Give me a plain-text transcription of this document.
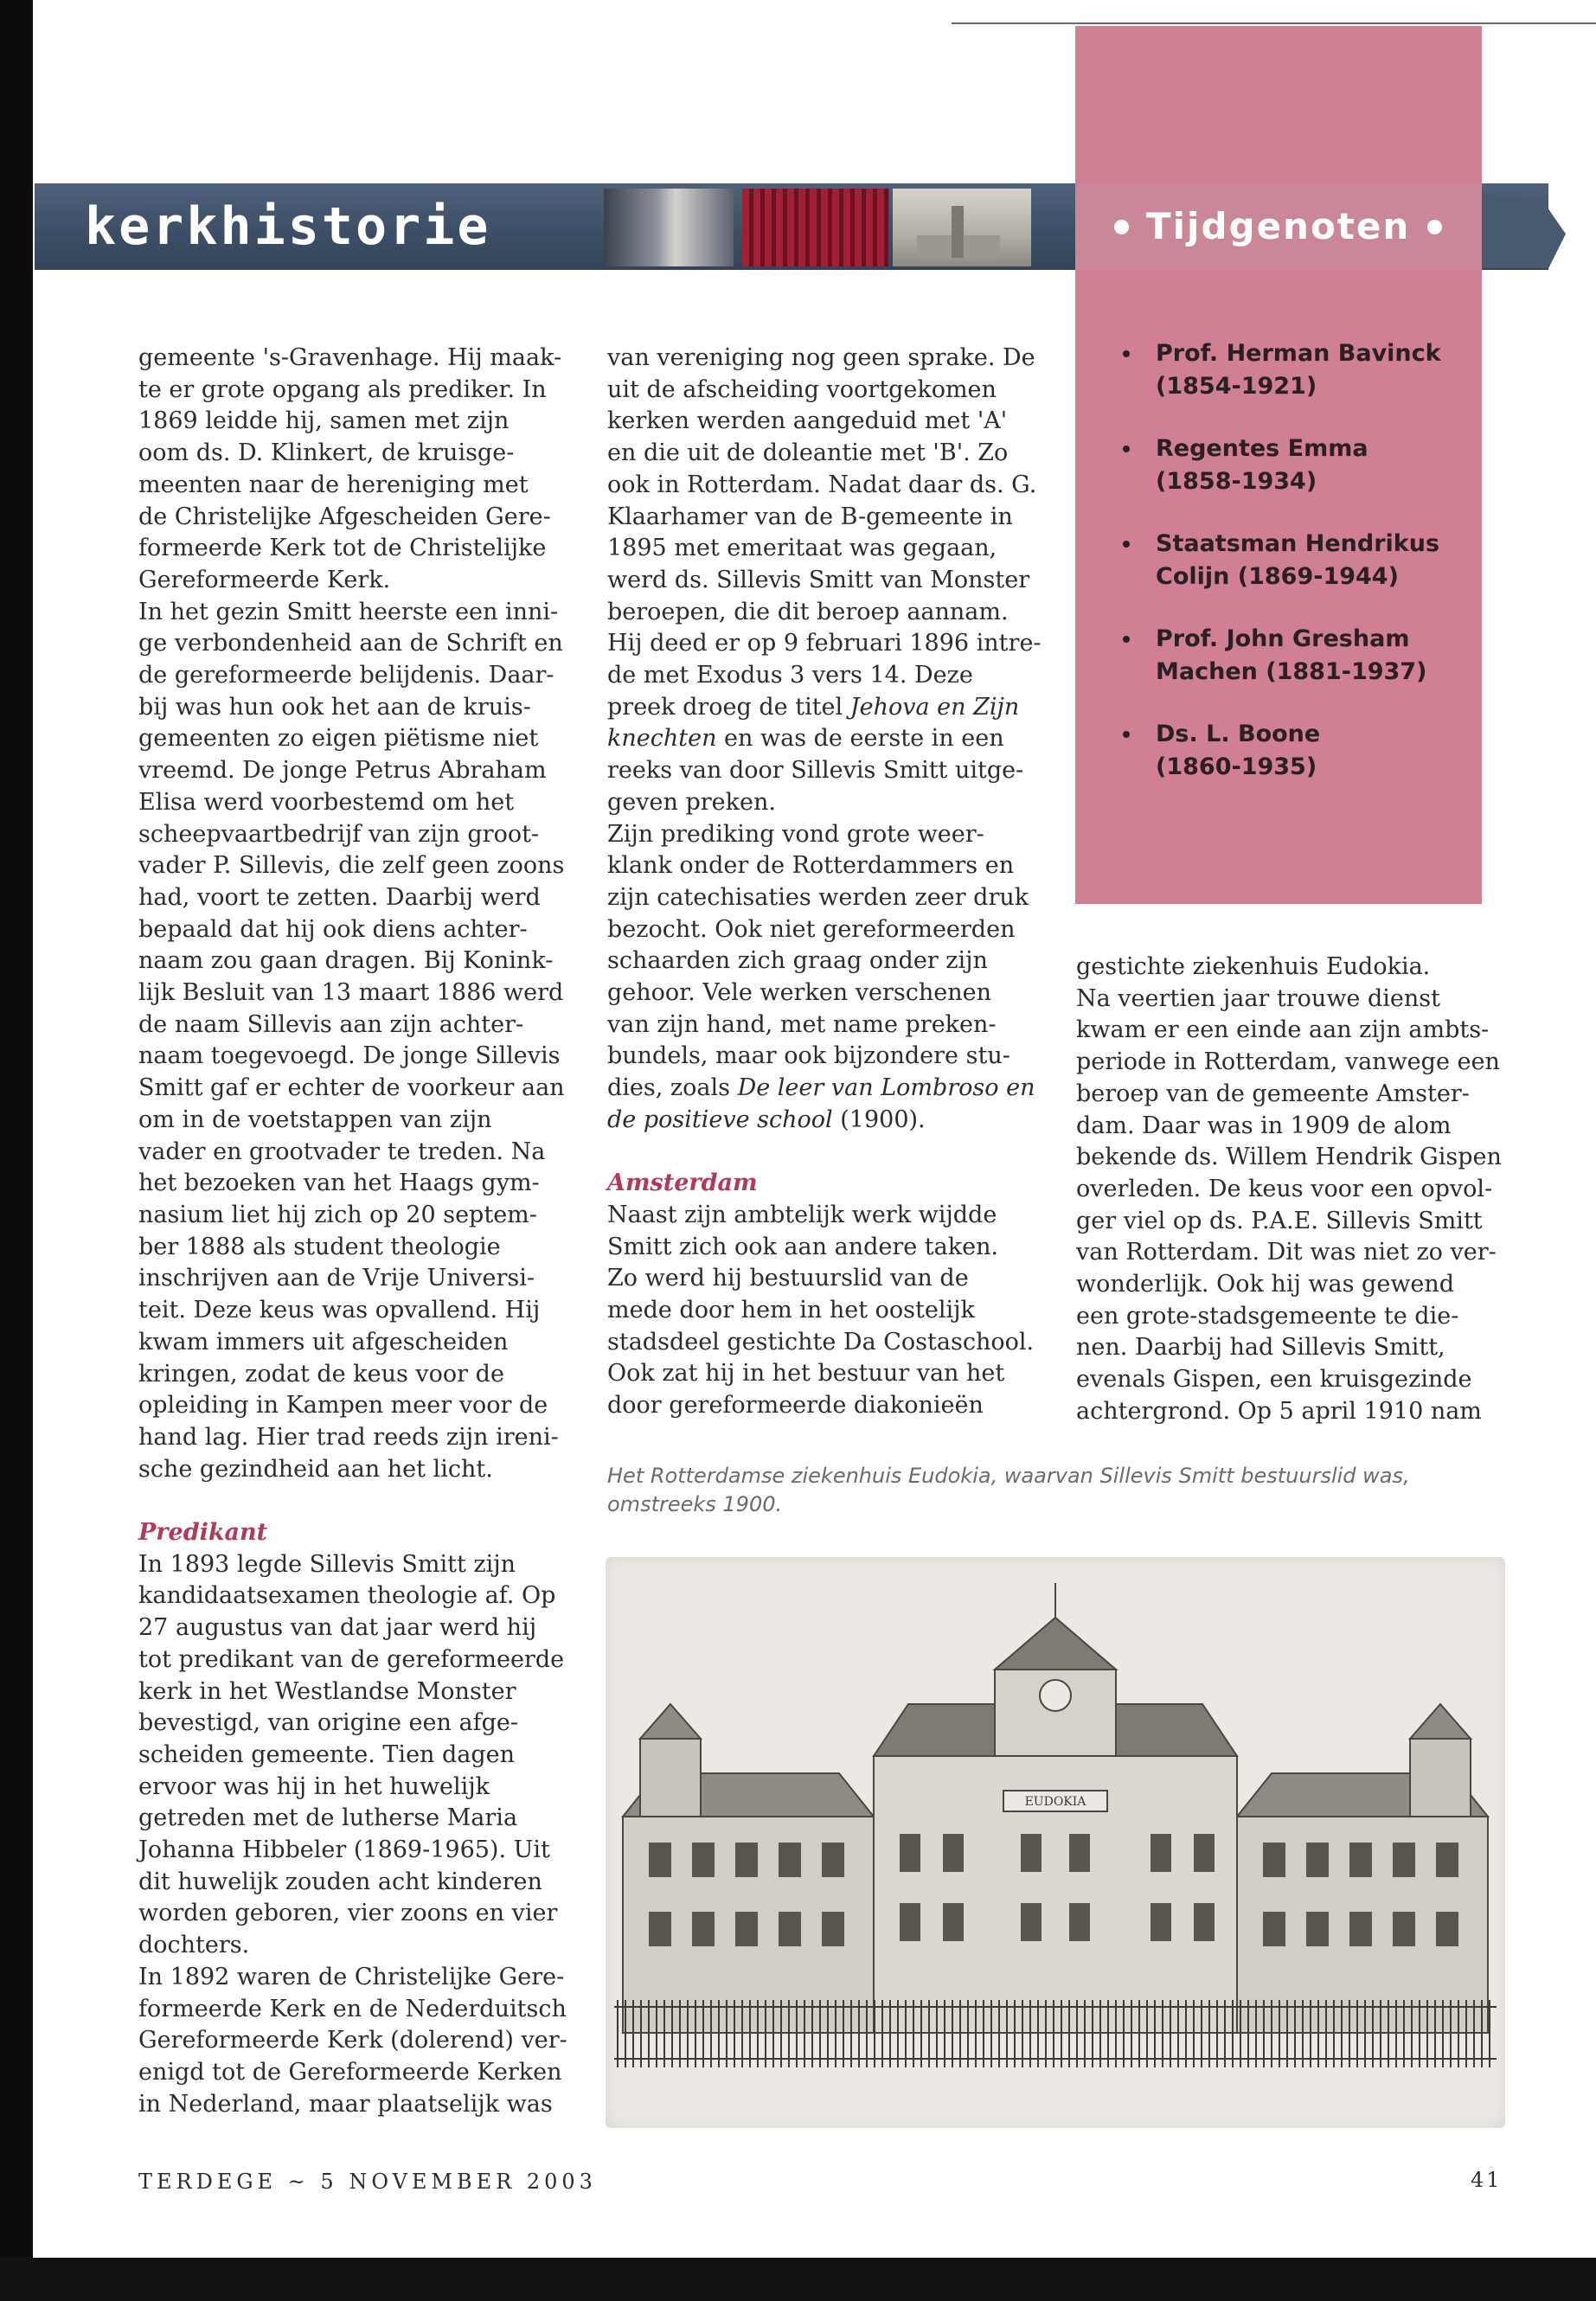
kerkhistorie	Tijdgenoten
Prof. Herman Bavinck
(1854-1921)
Regentes Emma
(1858-1934)
Staatsman Hendrikus
Colijn (1869-1944)
Prof. John Gresham
Machen (1881-1937)
Ds. L. Boone
(1860-1935)
gemeente 's-Gravenhage. Hij maak-
te er grote opgang als prediker. In
1869 leidde hij, samen met zijn
oom ds. D. Klinkert, de kruisge-
meenten naar de hereniging met
de Christelijke Afgescheiden Gere-
formeerde Kerk tot de Christelijke
Gereformeerde Kerk.
In het gezin Smitt heerste een inni-
ge verbondenheid aan de Schrift en
de gereformeerde belijdenis. Daar-
bij was hun ook het aan de kruis-
gemeenten zo eigen piëtisme niet
vreemd. De jonge Petrus Abraham
Elisa werd voorbestemd om het
scheepvaartbedrijf van zijn groot-
vader P. Sillevis, die zelf geen zoons
had, voort te zetten. Daarbij werd
bepaald dat hij ook diens achter-
naam zou gaan dragen. Bij Konink-
lijk Besluit van 13 maart 1886 werd
de naam Sillevis aan zijn achter-
naam toegevoegd. De jonge Sillevis
Smitt gaf er echter de voorkeur aan
om in de voetstappen van zijn
vader en grootvader te treden. Na
het bezoeken van het Haags gym-
nasium liet hij zich op 20 septem-
ber 1888 als student theologie
inschrijven aan de Vrije Universi-
teit. Deze keus was opvallend. Hij
kwam immers uit afgescheiden
kringen, zodat de keus voor de
opleiding in Kampen meer voor de
hand lag. Hier trad reeds zijn ireni-
sche gezindheid aan het licht.
Predikant
In 1893 legde Sillevis Smitt zijn
kandidaatsexamen theologie af. Op
27 augustus van dat jaar werd hij
tot predikant van de gereformeerde
kerk in het Westlandse Monster
bevestigd, van origine een afge-
scheiden gemeente. Tien dagen
ervoor was hij in het huwelijk
getreden met de lutherse Maria
Johanna Hibbeler (1869-1965). Uit
dit huwelijk zouden acht kinderen
worden geboren, vier zoons en vier
dochters.
In 1892 waren de Christelijke Gere-
formeerde Kerk en de Nederduitsch
Gereformeerde Kerk (dolerend) ver-
enigd tot de Gereformeerde Kerken
in Nederland, maar plaatselijk was
van vereniging nog geen sprake. De
uit de afscheiding voortgekomen
kerken werden aangeduid met 'A'
en die uit de doleantie met 'B'. Zo
ook in Rotterdam. Nadat daar ds. G.
Klaarhamer van de B-gemeente in
1895 met emeritaat was gegaan,
werd ds. Sillevis Smitt van Monster
beroepen, die dit beroep aannam.
Hij deed er op 9 februari 1896 intre-
de met Exodus 3 vers 14. Deze
preek droeg de titel Jehova en Zijn
knechten en was de eerste in een
reeks van door Sillevis Smitt uitge-
geven preken.
Zijn prediking vond grote weer-
klank onder de Rotterdammers en
zijn catechisaties werden zeer druk
bezocht. Ook niet gereformeerden
schaarden zich graag onder zijn
gehoor. Vele werken verschenen
van zijn hand, met name preken-
bundels, maar ook bijzondere stu-
dies, zoals De leer van Lombroso en
de positieve school (1900).
Amsterdam
Naast zijn ambtelijk werk wijdde
Smitt zich ook aan andere taken.
Zo werd hij bestuurslid van de
mede door hem in het oostelijk
stadsdeel gestichte Da Costaschool.
Ook zat hij in het bestuur van het
door gereformeerde diakonieën
gestichte ziekenhuis Eudokia.
Na veertien jaar trouwe dienst
kwam er een einde aan zijn ambts-
periode in Rotterdam, vanwege een
beroep van de gemeente Amster-
dam. Daar was in 1909 de alom
bekende ds. Willem Hendrik Gispen
overleden. De keus voor een opvol-
ger viel op ds. P.A.E. Sillevis Smitt
van Rotterdam. Dit was niet zo ver-
wonderlijk. Ook hij was gewend
een grote-stadsgemeente te die-
nen. Daarbij had Sillevis Smitt,
evenals Gispen, een kruisgezinde
achtergrond. Op 5 april 1910 nam
Het Rotterdamse ziekenhuis Eudokia, waarvan Sillevis Smitt bestuurslid was,
omstreeks 1900.
EUDOKIA
TERDEGE ~ 5 NOVEMBER 2003	41
